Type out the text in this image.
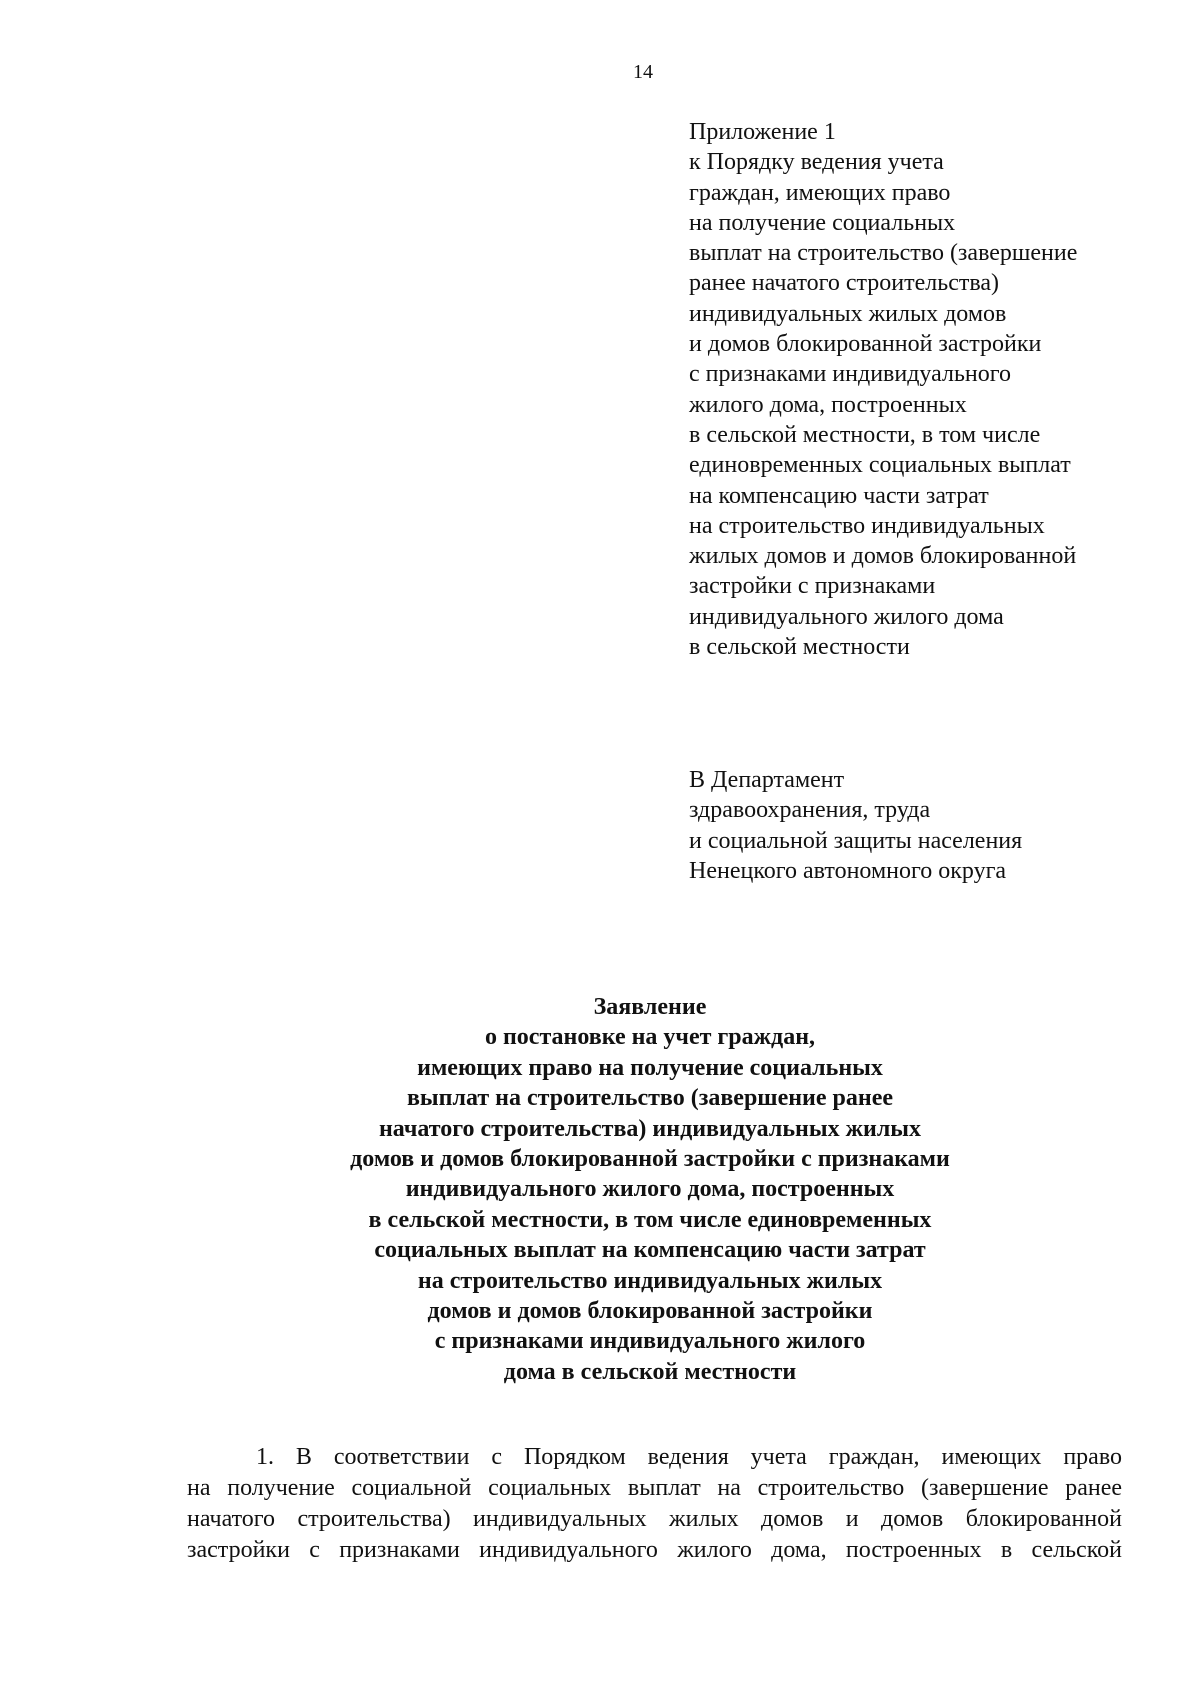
14
Приложение 1
к Порядку ведения учета
граждан, имеющих право
на получение социальных
выплат на строительство (завершение
ранее начатого строительства)
индивидуальных жилых домов
и домов блокированной застройки
с признаками индивидуального
жилого дома, построенных
в сельской местности, в том числе
единовременных социальных выплат
на компенсацию части затрат
на строительство индивидуальных
жилых домов и домов блокированной
застройки с признаками
индивидуального жилого дома
в сельской местности
В Департамент
здравоохранения, труда
и социальной защиты населения
Ненецкого автономного округа
Заявление
о постановке на учет граждан,
имеющих право на получение социальных
выплат на строительство (завершение ранее
начатого строительства) индивидуальных жилых
домов и домов блокированной застройки с признаками
индивидуального жилого дома, построенных
в сельской местности, в том числе единовременных
социальных выплат на компенсацию части затрат
на строительство индивидуальных жилых
домов и домов блокированной застройки
с признаками индивидуального жилого
дома в сельской местности
1. В соответствии с Порядком ведения учета граждан, имеющих право
на получение социальной социальных выплат на строительство (завершение ранее
начатого строительства) индивидуальных жилых домов и домов блокированной
застройки с признаками индивидуального жилого дома, построенных в сельской
